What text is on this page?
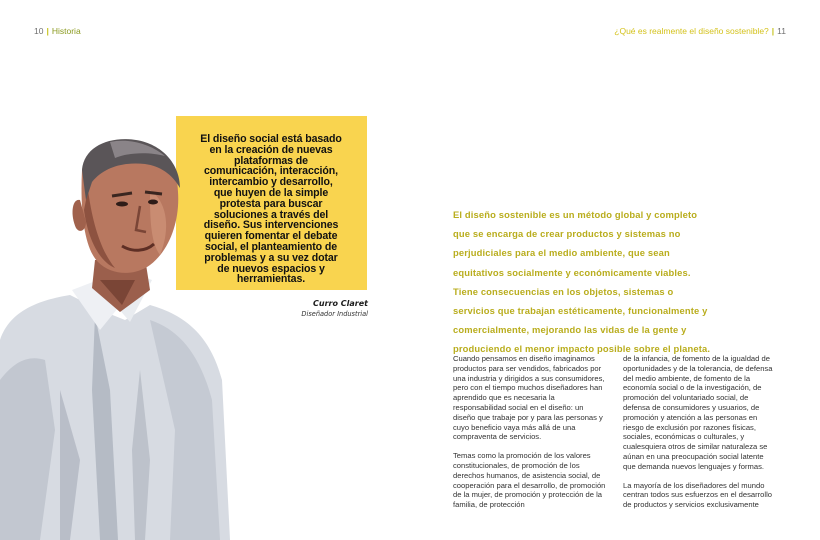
10 | Historia	¿Qué es realmente el diseño sostenible? | 11
El diseño social está basado en la creación de nuevas plataformas de comunicación, interacción, intercambio y desarrollo, que huyen de la simple protesta para buscar soluciones a través del diseño. Sus intervenciones quieren fomentar el debate social, el planteamiento de problemas y a su vez dotar de nuevos espacios y herramientas.
Curro Claret
Diseñador Industrial
El diseño sostenible es un método global y completo que se encarga de crear productos y sistemas no perjudiciales para el medio ambiente, que sean equitativos socialmente y económicamente viables. Tiene consecuencias en los objetos, sistemas o servicios que trabajan estéticamente, funcionalmente y comercialmente, mejorando las vidas de la gente y produciendo el menor impacto posible sobre el planeta.

Cuando pensamos en diseño imaginamos productos para ser vendidos, fabricados por una industria y dirigidos a sus consumidores, pero con el tiempo muchos diseñadores han aprendido que es necesaria la responsabilidad social en el diseño: un diseño que trabaje por y para las personas y cuyo beneficio vaya más allá de una compraventa de servicios.

Temas como la promoción de los valores constitucionales, de promoción de los derechos humanos, de asistencia social, de cooperación para el desarrollo, de promoción de la mujer, de promoción y protección de la familia, de protección

de la infancia, de fomento de la igualdad de oportunidades y de la tolerancia, de defensa del medio ambiente, de fomento de la economía social o de la investigación, de promoción del voluntariado social, de defensa de consumidores y usuarios, de promoción y atención a las personas en riesgo de exclusión por razones físicas, sociales, económicas o culturales, y cualesquiera otros de similar naturaleza se aúnan en una preocupación social latente que demanda nuevos lenguajes y formas.

La mayoría de los diseñadores del mundo centran todos sus esfuerzos en el desarrollo de productos y servicios exclusivamente
